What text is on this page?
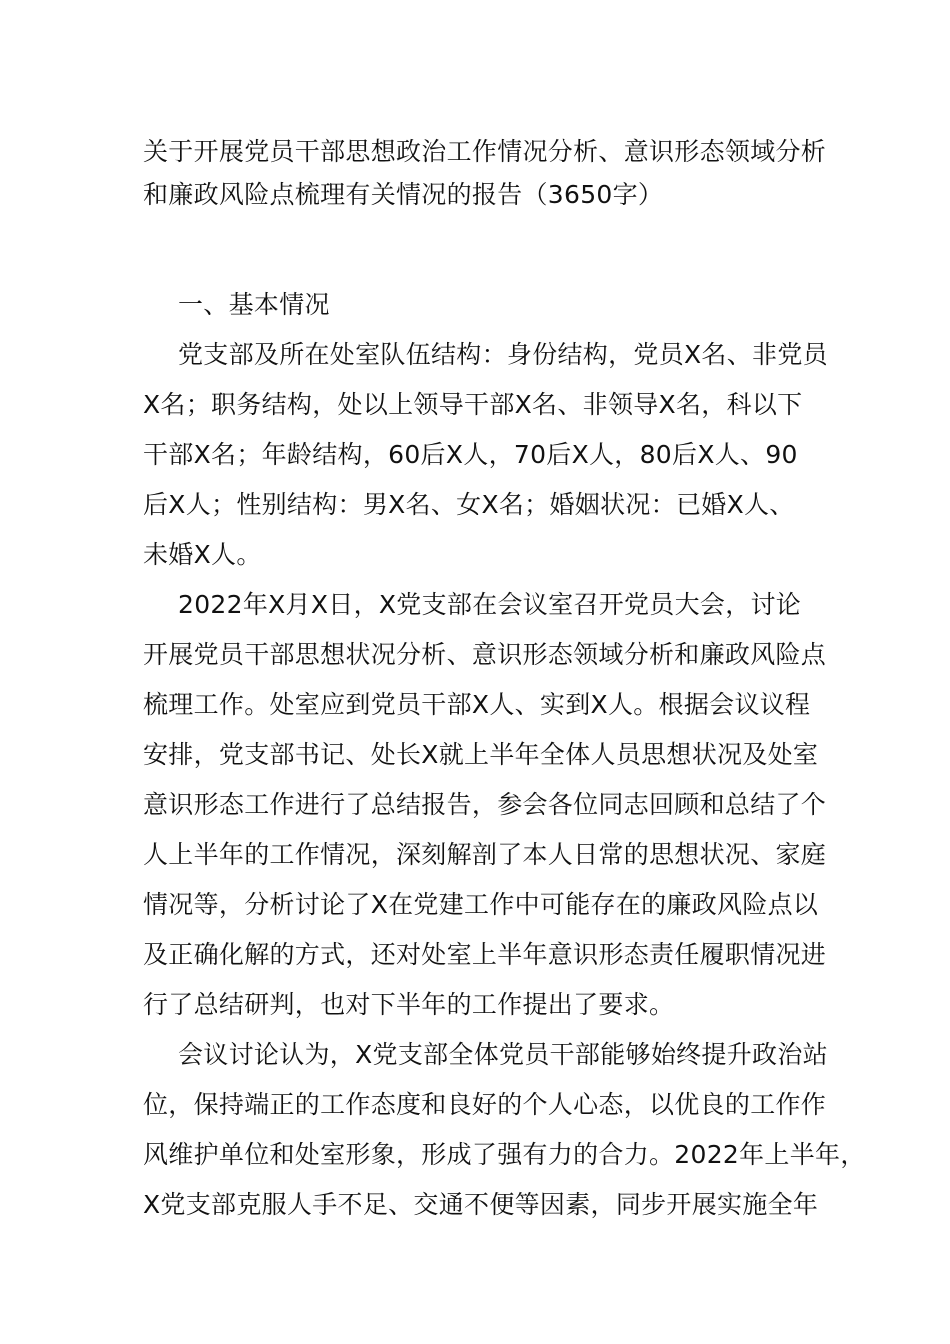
关于开展党员干部思想政治工作情况分析、意识形态领域分析
和廉政风险点梳理有关情况的报告（3650字）
一、基本情况
党支部及所在处室队伍结构：身份结构，党员X名、非党员
X名；职务结构，处以上领导干部X名、非领导X名，科以下
干部X名；年龄结构，60后X人，70后X人，80后X人、90
后X人；性别结构：男X名、女X名；婚姻状况：已婚X人、
未婚X人。
2022年X月X日，X党支部在会议室召开党员大会，讨论
开展党员干部思想状况分析、意识形态领域分析和廉政风险点
梳理工作。处室应到党员干部X人、实到X人。根据会议议程
安排，党支部书记、处长X就上半年全体人员思想状况及处室
意识形态工作进行了总结报告，参会各位同志回顾和总结了个
人上半年的工作情况，深刻解剖了本人日常的思想状况、家庭
情况等，分析讨论了X在党建工作中可能存在的廉政风险点以
及正确化解的方式，还对处室上半年意识形态责任履职情况进
行了总结研判，也对下半年的工作提出了要求。
会议讨论认为，X党支部全体党员干部能够始终提升政治站
位，保持端正的工作态度和良好的个人心态，以优良的工作作
风维护单位和处室形象，形成了强有力的合力。2022年上半年，
X党支部克服人手不足、交通不便等因素，同步开展实施全年
